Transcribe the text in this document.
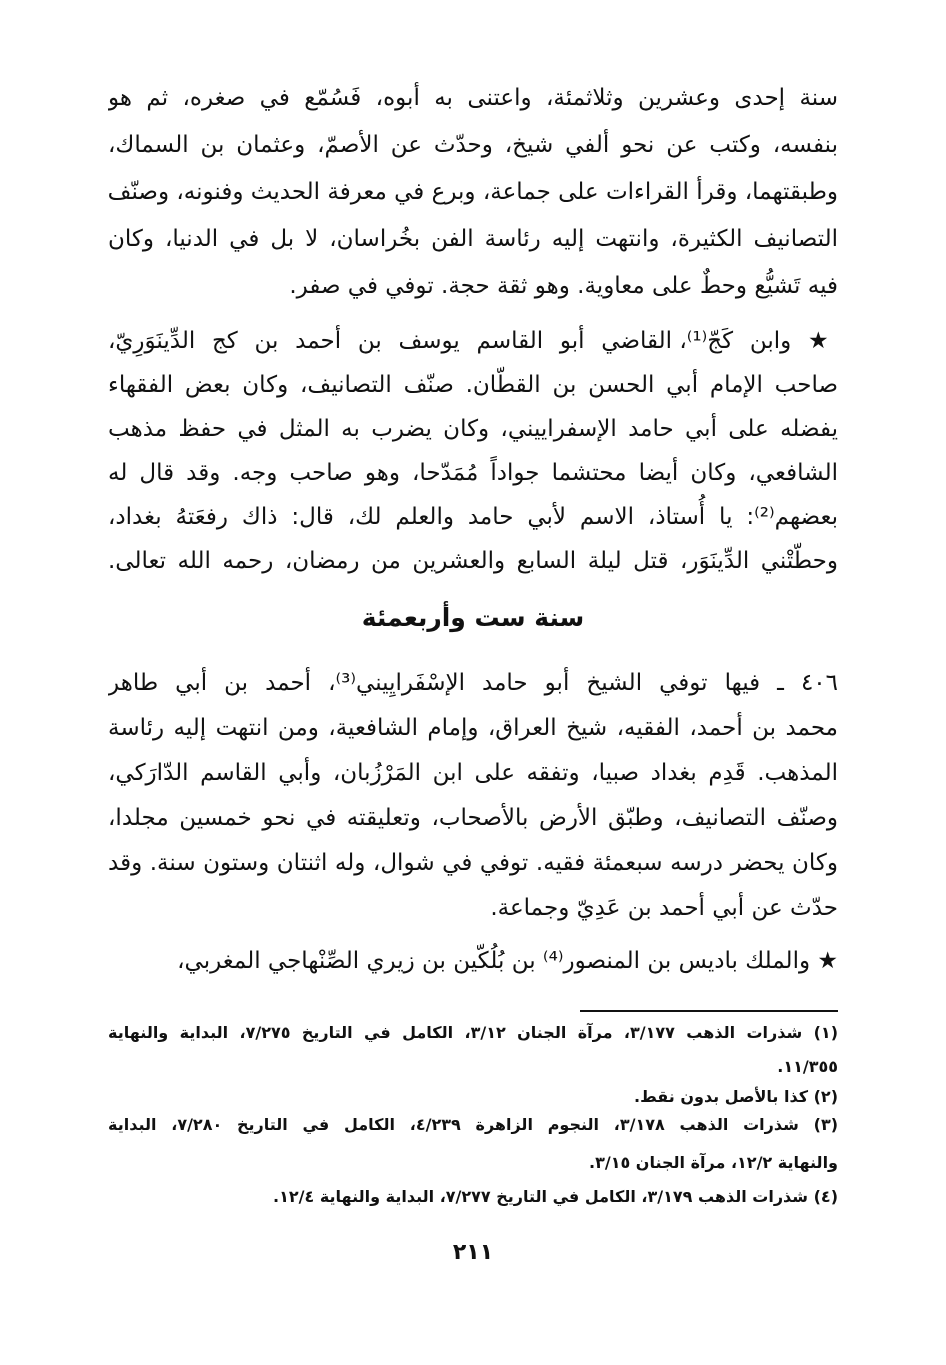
سنة إحدى وعشرين وثلاثمئة، واعتنى به أبوه، فَسُمّع في صغره، ثم هو
بنفسه، وكتب عن نحو ألفي شيخ، وحدّث عن الأصمّ، وعثمان بن السماك،
وطبقتهما، وقرأ القراءات على جماعة، وبرع في معرفة الحديث وفنونه، وصنّف
التصانيف الكثيرة، وانتهت إليه رئاسة الفن بخُراسان، لا بل في الدنيا، وكان
فيه تَشيُّع وحطٌ على معاوية. وهو ثقة حجة. توفي في صفر.
★ وابن كَجّ⁽¹⁾، القاضي أبو القاسم يوسف بن أحمد بن كج الدِّينَوَرِيّ،
صاحب الإمام أبي الحسن بن القطّان. صنّف التصانيف، وكان بعض الفقهاء
يفضله على أبي حامد الإسفراييني، وكان يضرب به المثل في حفظ مذهب
الشافعي، وكان أيضا محتشما جواداً مُمَدّحا، وهو صاحب وجه. وقد قال له
بعضهم⁽²⁾: يا أُستاذ، الاسم لأبي حامد والعلم لك، قال: ذاك رفعَتهُ بغداد،
وحطّتْني الدِّينَوَر، قتل ليلة السابع والعشرين من رمضان، رحمه الله تعالى.
سنة ست وأربعمئة
٤٠٦ ـ فيها توفي الشيخ أبو حامد الإسْفَرايِيني⁽³⁾، أحمد بن أبي طاهر
محمد بن أحمد، الفقيه، شيخ العراق، وإمام الشافعية، ومن انتهت إليه رئاسة
المذهب. قَدِم بغداد صبيا، وتفقه على ابن المَرْزُبان، وأبي القاسم الدّارَكي،
وصنّف التصانيف، وطبّق الأرض بالأصحاب، وتعليقته في نحو خمسين مجلدا،
وكان يحضر درسه سبعمئة فقيه. توفي في شوال، وله اثنتان وستون سنة. وقد
حدّث عن أبي أحمد بن عَدِيّ وجماعة.
★ والملك باديس بن المنصور⁽⁴⁾ بن بُلُكّين بن زيري الصِّنْهاجي المغربي،
(١) شذرات الذهب ٣/١٧٧، مرآة الجنان ٣/١٢، الكامل في التاريخ ٧/٢٧٥، البداية والنهاية
١١/٣٥٥.
(٢) كذا بالأصل بدون نقط.
(٣) شذرات الذهب ٣/١٧٨، النجوم الزاهرة ٤/٢٣٩، الكامل في التاريخ ٧/٢٨٠، البداية
والنهاية ١٢/٢، مرآة الجنان ٣/١٥.
(٤) شذرات الذهب ٣/١٧٩، الكامل في التاريخ ٧/٢٧٧، البداية والنهاية ١٢/٤.
٢١١
